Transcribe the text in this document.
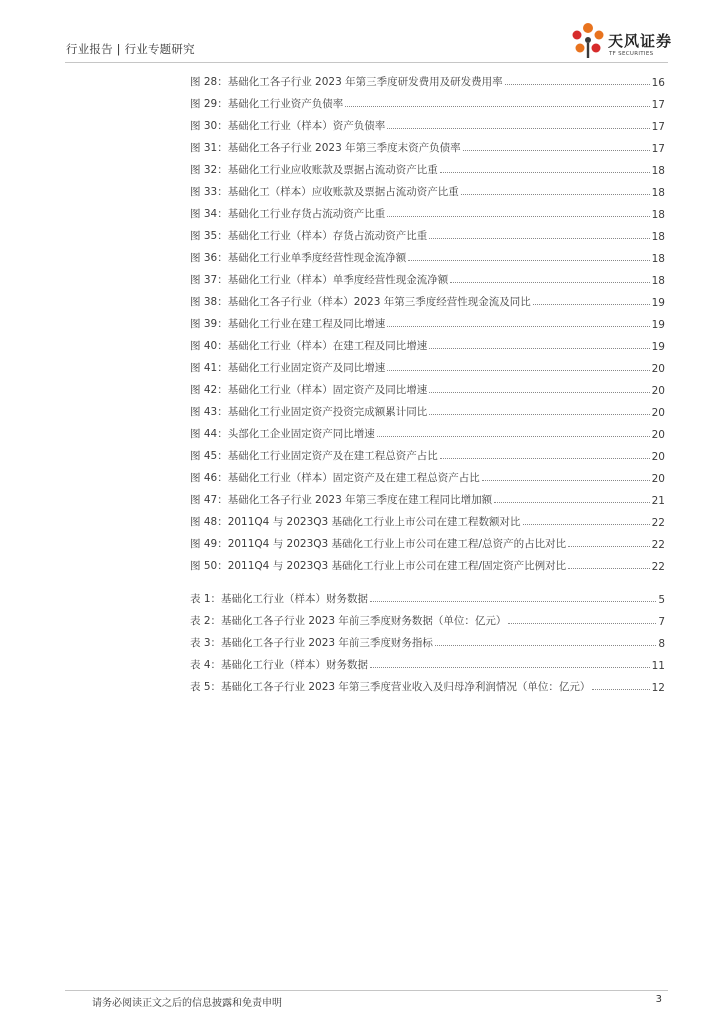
行业报告 | 行业专题研究	天风证券
TF SECURITIES
图 28：基础化工各子行业 2023 年第三季度研发费用及研发费用率	16
图 29：基础化工行业资产负债率	17
图 30：基础化工行业（样本）资产负债率	17
图 31：基础化工各子行业 2023 年第三季度末资产负债率	17
图 32：基础化工行业应收账款及票据占流动资产比重	18
图 33：基础化工（样本）应收账款及票据占流动资产比重	18
图 34：基础化工行业存货占流动资产比重	18
图 35：基础化工行业（样本）存货占流动资产比重	18
图 36：基础化工行业单季度经营性现金流净额	18
图 37：基础化工行业（样本）单季度经营性现金流净额	18
图 38：基础化工各子行业（样本）2023 年第三季度经营性现金流及同比	19
图 39：基础化工行业在建工程及同比增速	19
图 40：基础化工行业（样本）在建工程及同比增速	19
图 41：基础化工行业固定资产及同比增速	20
图 42：基础化工行业（样本）固定资产及同比增速	20
图 43：基础化工行业固定资产投资完成额累计同比	20
图 44：头部化工企业固定资产同比增速	20
图 45：基础化工行业固定资产及在建工程总资产占比	20
图 46：基础化工行业（样本）固定资产及在建工程总资产占比	20
图 47：基础化工各子行业 2023 年第三季度在建工程同比增加额	21
图 48：2011Q4 与 2023Q3 基础化工行业上市公司在建工程数额对比	22
图 49：2011Q4 与 2023Q3 基础化工行业上市公司在建工程/总资产的占比对比	22
图 50：2011Q4 与 2023Q3 基础化工行业上市公司在建工程/固定资产比例对比	22
表 1：基础化工行业（样本）财务数据	5
表 2：基础化工各子行业 2023 年前三季度财务数据（单位：亿元）	7
表 3：基础化工各子行业 2023 年前三季度财务指标	8
表 4：基础化工行业（样本）财务数据	11
表 5：基础化工各子行业 2023 年第三季度营业收入及归母净利润情况（单位：亿元）	12
请务必阅读正文之后的信息披露和免责申明	3
